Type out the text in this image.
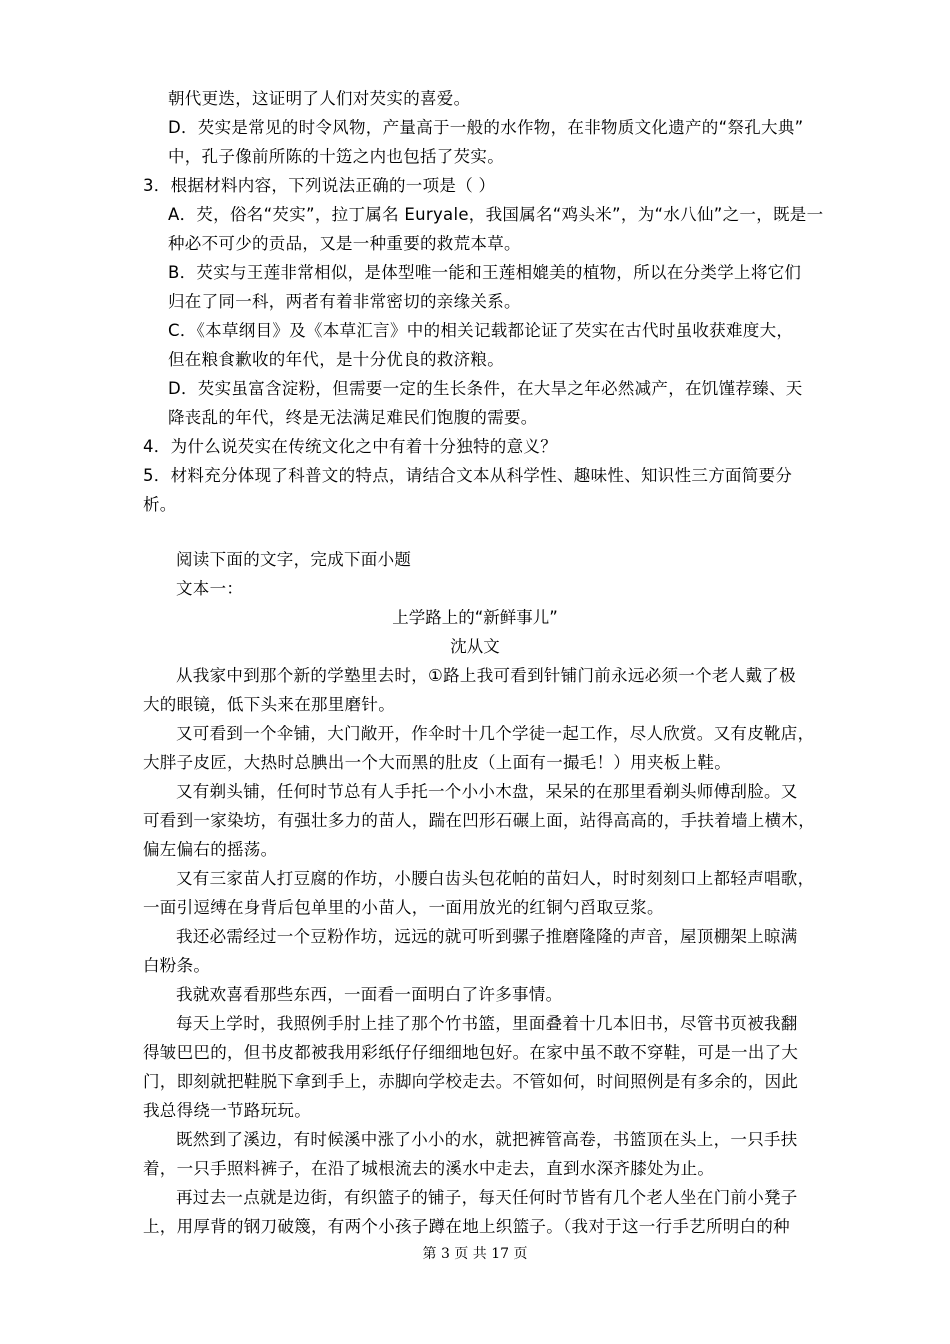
朝代更迭，这证明了人们对芡实的喜爱。
D．芡实是常见的时令风物，产量高于一般的水作物，在非物质文化遗产的“祭孔大典”
中，孔子像前所陈的十笾之内也包括了芡实。
3．根据材料内容，下列说法正确的一项是（ ）
A．芡，俗名“芡实”，拉丁属名 Euryale，我国属名“鸡头米”，为“水八仙”之一，既是一
种必不可少的贡品，又是一种重要的救荒本草。
B．芡实与王莲非常相似，是体型唯一能和王莲相媲美的植物，所以在分类学上将它们
归在了同一科，两者有着非常密切的亲缘关系。
C．《本草纲目》及《本草汇言》中的相关记载都论证了芡实在古代时虽收获难度大，
但在粮食歉收的年代，是十分优良的救济粮。
D．芡实虽富含淀粉，但需要一定的生长条件，在大旱之年必然减产，在饥馑荐臻、天
降丧乱的年代，终是无法满足难民们饱腹的需要。
4．为什么说芡实在传统文化之中有着十分独特的意义？
5．材料充分体现了科普文的特点，请结合文本从科学性、趣味性、知识性三方面简要分
析。
阅读下面的文字，完成下面小题
文本一：
上学路上的“新鲜事儿”
沈从文
从我家中到那个新的学塾里去时，①路上我可看到针铺门前永远必须一个老人戴了极
大的眼镜，低下头来在那里磨针。
又可看到一个伞铺，大门敞开，作伞时十几个学徒一起工作，尽人欣赏。又有皮靴店，
大胖子皮匠，大热时总腆出一个大而黑的肚皮（上面有一撮毛！）用夹板上鞋。
又有剃头铺，任何时节总有人手托一个小小木盘，呆呆的在那里看剃头师傅刮脸。又
可看到一家染坊，有强壮多力的苗人，踹在凹形石碾上面，站得高高的，手扶着墙上横木，
偏左偏右的摇荡。
又有三家苗人打豆腐的作坊，小腰白齿头包花帕的苗妇人，时时刻刻口上都轻声唱歌，
一面引逗缚在身背后包单里的小苗人，一面用放光的红铜勺舀取豆浆。
我还必需经过一个豆粉作坊，远远的就可听到骡子推磨隆隆的声音，屋顶棚架上晾满
白粉条。
我就欢喜看那些东西，一面看一面明白了许多事情。
每天上学时，我照例手肘上挂了那个竹书篮，里面叠着十几本旧书，尽管书页被我翻
得皱巴巴的，但书皮都被我用彩纸仔仔细细地包好。在家中虽不敢不穿鞋，可是一出了大
门，即刻就把鞋脱下拿到手上，赤脚向学校走去。不管如何，时间照例是有多余的，因此
我总得绕一节路玩玩。
既然到了溪边，有时候溪中涨了小小的水，就把裤管高卷，书篮顶在头上，一只手扶
着，一只手照料裤子，在沿了城根流去的溪水中走去，直到水深齐膝处为止。
再过去一点就是边街，有织篮子的铺子，每天任何时节皆有几个老人坐在门前小凳子
上，用厚背的钢刀破篾，有两个小孩子蹲在地上织篮子。（我对于这一行手艺所明白的种
第 3 页 共 17 页
